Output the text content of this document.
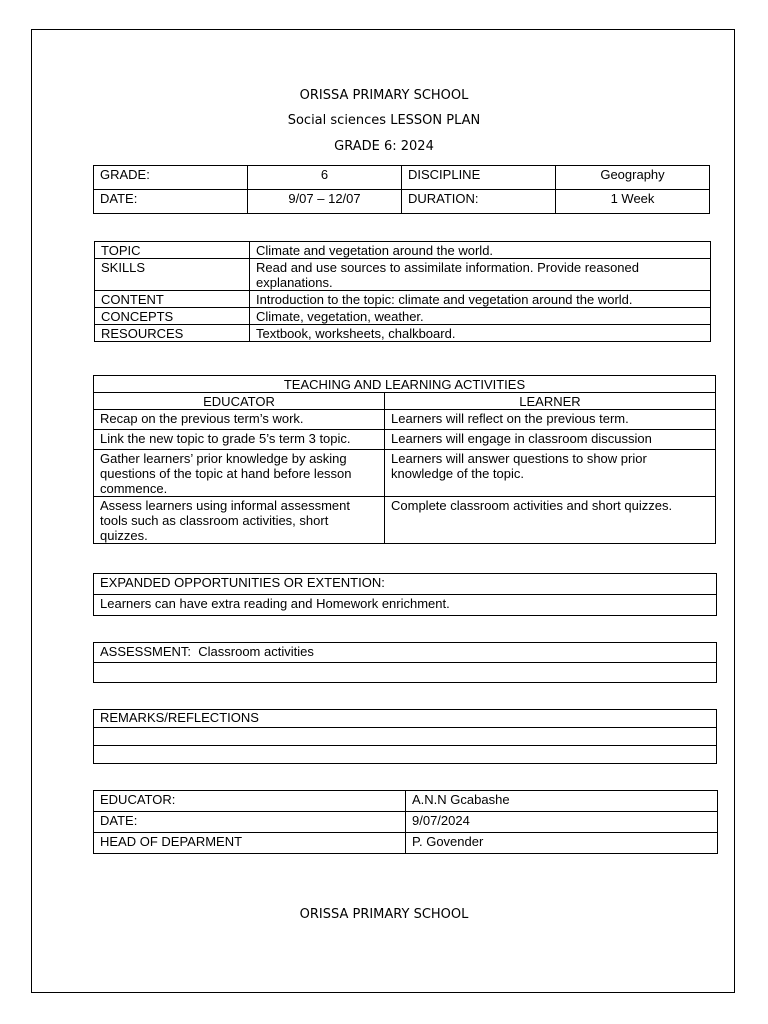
ORISSA PRIMARY SCHOOL
Social sciences LESSON PLAN
GRADE 6: 2024
GRADE:	6	DISCIPLINE	Geography
DATE:	9/07 – 12/07	DURATION:	1 Week
TOPIC	Climate and vegetation around the world.
SKILLS	Read and use sources to assimilate information. Provide reasoned explanations.
CONTENT	Introduction to the topic: climate and vegetation around the world.
CONCEPTS	Climate, vegetation, weather.
RESOURCES	Textbook, worksheets, chalkboard.
TEACHING AND LEARNING ACTIVITIES	
EDUCATOR	LEARNER
Recap on the previous term’s work.	Learners will reflect on the previous term.
Link the new topic to grade 5’s term 3 topic.	Learners will engage in classroom discussion
Gather learners’ prior knowledge by asking questions of the topic at hand before lesson commence.	Learners will answer questions to show prior knowledge of the topic.
Assess learners using informal assessment tools such as classroom activities, short quizzes.	Complete classroom activities and short quizzes.
EXPANDED OPPORTUNITIES OR EXTENTION:
Learners can have extra reading and Homework enrichment.
ASSESSMENT:  Classroom activities

REMARKS/REFLECTIONS

EDUCATOR:	A.N.N Gcabashe
DATE:	9/07/2024
HEAD OF DEPARMENT	P. Govender
ORISSA PRIMARY SCHOOL
